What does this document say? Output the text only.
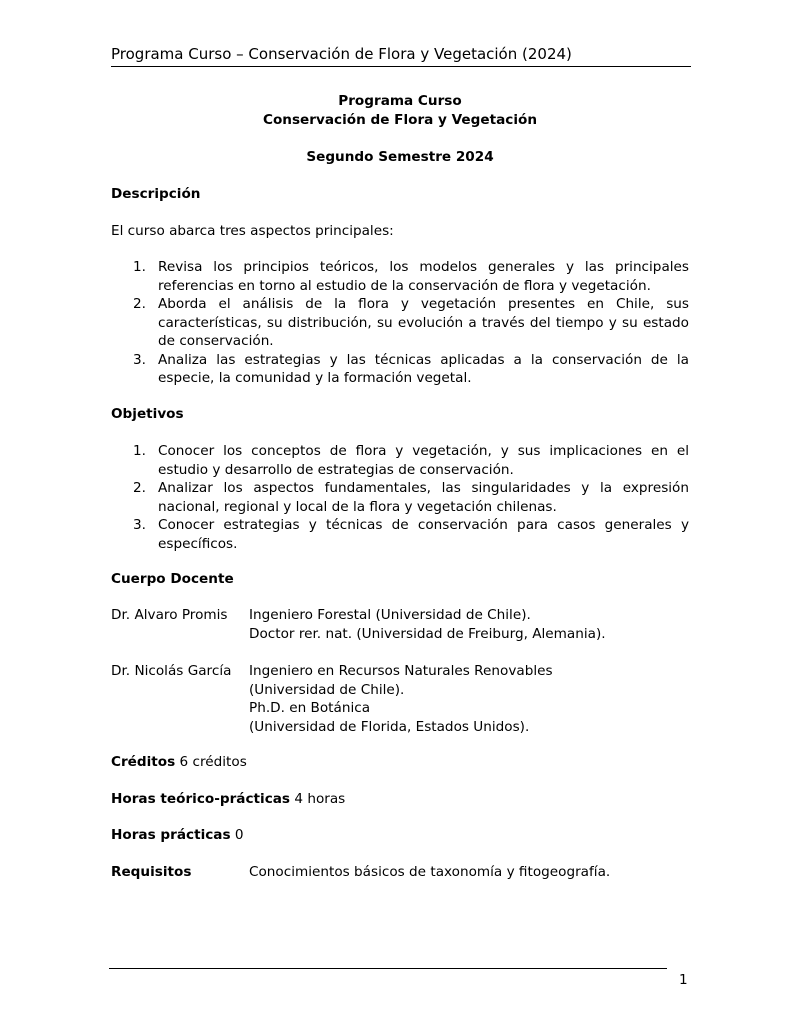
Programa Curso – Conservación de Flora y Vegetación (2024)
Programa Curso
Conservación de Flora y Vegetación
Segundo Semestre 2024
Descripción
El curso abarca tres aspectos principales:
1. Revisa los principios teóricos, los modelos generales y las principales referencias en torno al estudio de la conservación de flora y vegetación.
2. Aborda el análisis de la flora y vegetación presentes en Chile, sus características, su distribución, su evolución a través del tiempo y su estado de conservación.
3. Analiza las estrategias y las técnicas aplicadas a la conservación de la especie, la comunidad y la formación vegetal.
Objetivos
1. Conocer los conceptos de flora y vegetación, y sus implicaciones en el estudio y desarrollo de estrategias de conservación.
2. Analizar los aspectos fundamentales, las singularidades y la expresión nacional, regional y local de la flora y vegetación chilenas.
3. Conocer estrategias y técnicas de conservación para casos generales y específicos.
Cuerpo Docente
Dr. Alvaro Promis Ingeniero Forestal (Universidad de Chile).
Doctor rer. nat. (Universidad de Freiburg, Alemania).
Dr. Nicolás García Ingeniero en Recursos Naturales Renovables
(Universidad de Chile).
Ph.D. en Botánica
(Universidad de Florida, Estados Unidos).
Créditos 6 créditos
Horas teórico-prácticas 4 horas
Horas prácticas 0
Requisitos	Conocimientos básicos de taxonomía y fitogeografía.
1
